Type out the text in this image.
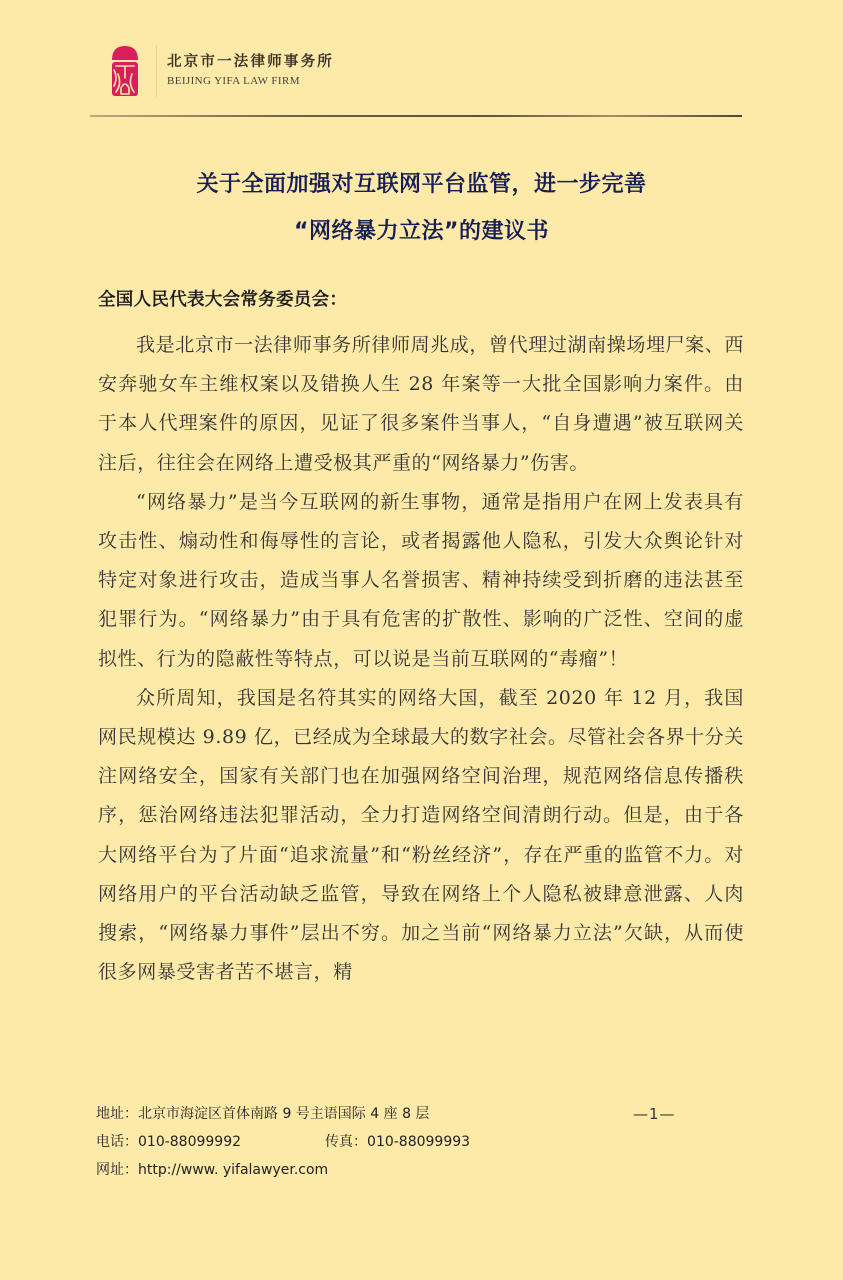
北京市一法律师事务所
BEIJING YIFA LAW FIRM
关于全面加强对互联网平台监管，进一步完善
“网络暴力立法”的建议书
全国人民代表大会常务委员会：

我是北京市一法律师事务所律师周兆成，曾代理过湖南操场埋尸案、西安奔驰女车主维权案以及错换人生 28 年案等一大批全国影响力案件。由于本人代理案件的原因，见证了很多案件当事人，“自身遭遇”被互联网关注后，往往会在网络上遭受极其严重的“网络暴力”伤害。

“网络暴力”是当今互联网的新生事物，通常是指用户在网上发表具有攻击性、煽动性和侮辱性的言论，或者揭露他人隐私，引发大众舆论针对特定对象进行攻击，造成当事人名誉损害、精神持续受到折磨的违法甚至犯罪行为。“网络暴力”由于具有危害的扩散性、影响的广泛性、空间的虚拟性、行为的隐蔽性等特点，可以说是当前互联网的“毒瘤”！

众所周知，我国是名符其实的网络大国，截至 2020 年 12 月，我国网民规模达 9.89 亿，已经成为全球最大的数字社会。尽管社会各界十分关注网络安全，国家有关部门也在加强网络空间治理，规范网络信息传播秩序，惩治网络违法犯罪活动，全力打造网络空间清朗行动。但是，由于各大网络平台为了片面“追求流量”和“粉丝经济”，存在严重的监管不力。对网络用户的平台活动缺乏监管，导致在网络上个人隐私被肆意泄露、人肉搜索，“网络暴力事件”层出不穷。加之当前“网络暴力立法”欠缺，从而使很多网暴受害者苦不堪言，精

地址： 北京市海淀区首体南路 9 号主语国际 4 座 8 层
电话： 010-88099992	传真： 010-88099993
网址： http://www. yifalawyer.com
—1—
